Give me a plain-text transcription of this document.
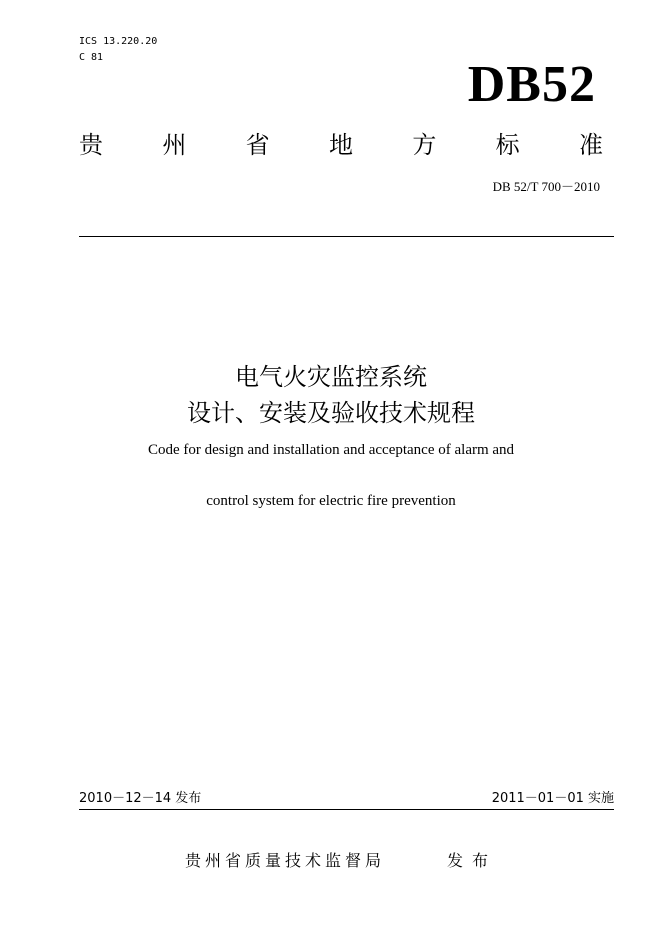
ICS 13.220.20
C 81	DB52
贵 州 省 地 方 标 准
DB 52/T 700－2010
电气火灾监控系统
设计、安装及验收技术规程
Code for design and installation and acceptance of alarm and
control system for electric fire prevention
2010－12－14 发布	2011－01－01 实施
贵州省质量技术监督局	发布
